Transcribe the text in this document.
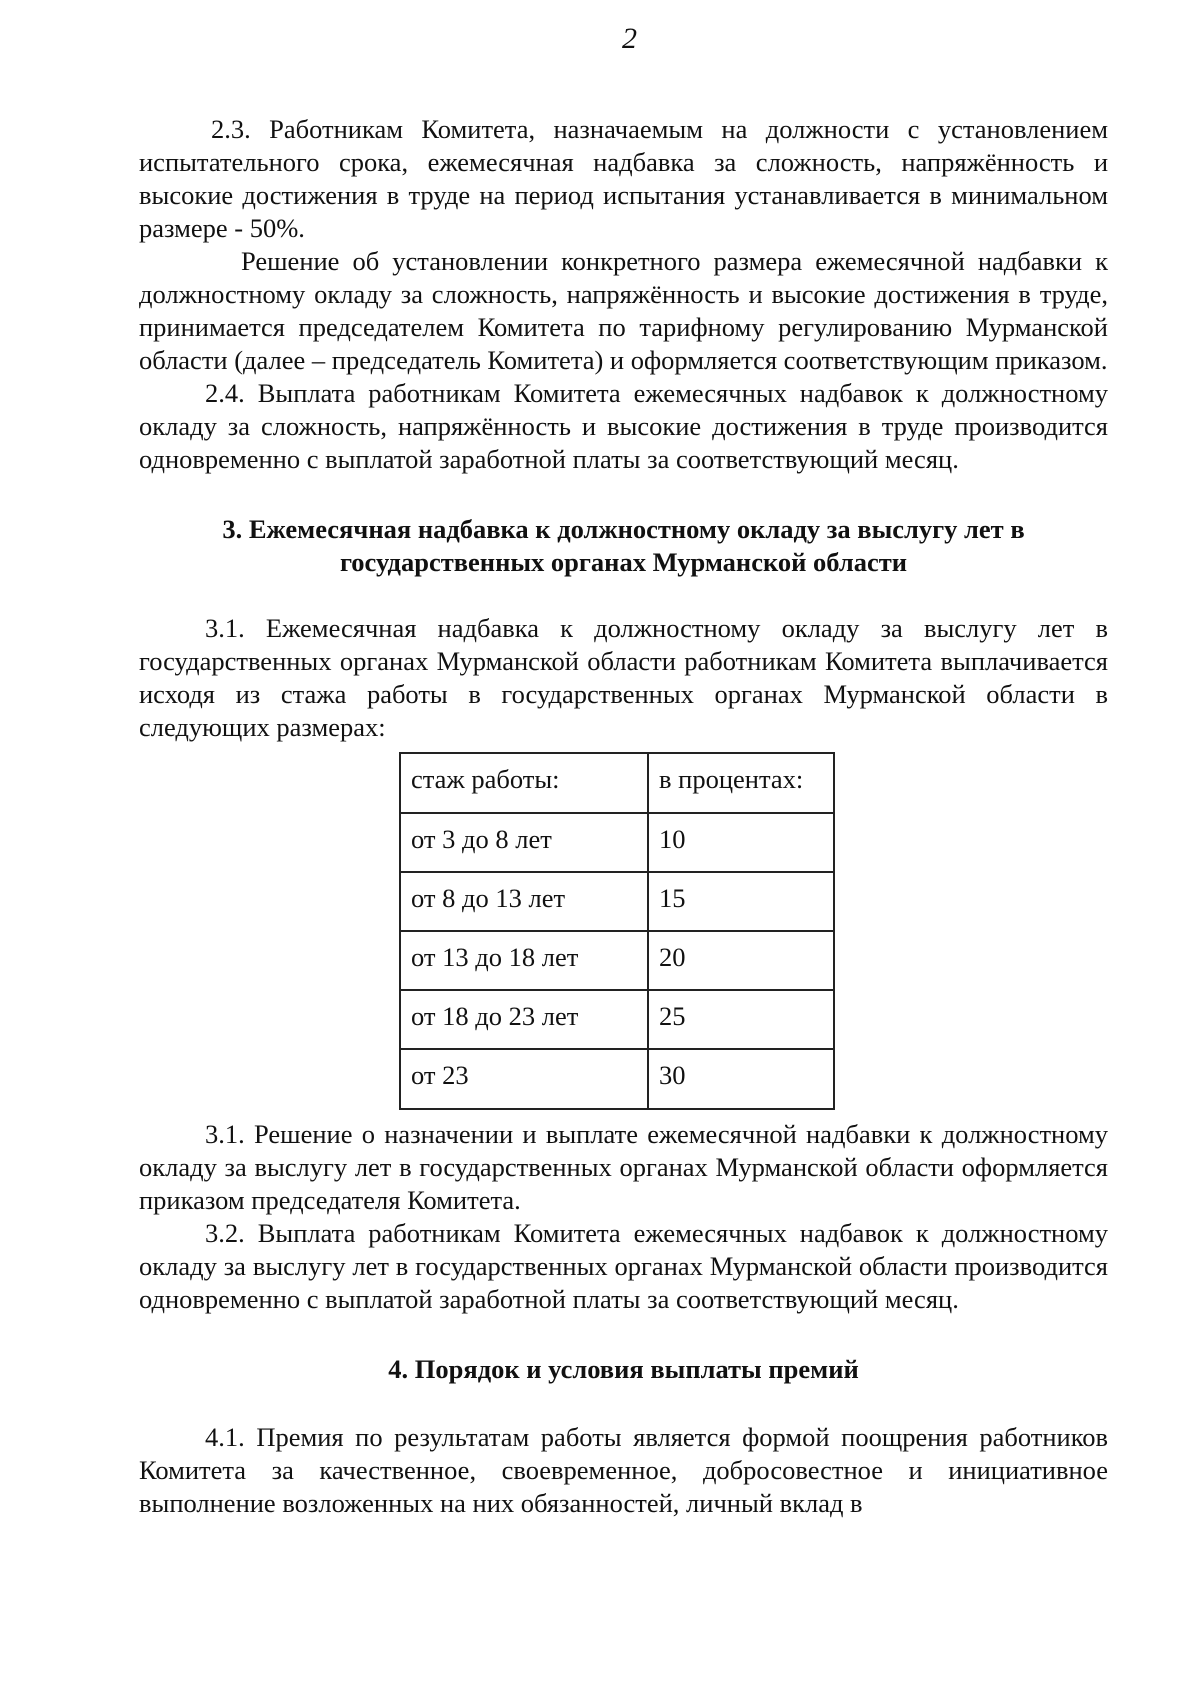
2

2.3. Работникам Комитета, назначаемым на должности с установлением испытательного срока, ежемесячная надбавка за сложность, напряжённость и высокие достижения в труде на период испытания устанавливается в минимальном размере - 50%.

Решение об установлении конкретного размера ежемесячной надбавки к должностному окладу за сложность, напряжённость и высокие достижения в труде, принимается председателем Комитета по тарифному регулированию Мурманской области (далее – председатель Комитета) и оформляется соответствующим приказом.

2.4. Выплата работникам Комитета ежемесячных надбавок к должностному окладу за сложность, напряжённость и высокие достижения в труде производится одновременно с выплатой заработной платы за соответствующий месяц.

3. Ежемесячная надбавка к должностному окладу за выслугу лет в
государственных органах Мурманской области

3.1. Ежемесячная надбавка к должностному окладу за выслугу лет в государственных органах Мурманской области работникам Комитета выплачивается исходя из стажа работы в государственных органах Мурманской области в следующих размерах:

стаж работы:	в процентах:
от 3 до 8 лет	10
от 8 до 13 лет	15
от 13 до 18 лет	20
от 18 до 23 лет	25
от 23	30

3.1. Решение о назначении и выплате ежемесячной надбавки к должностному окладу за выслугу лет в государственных органах Мурманской области оформляется приказом председателя Комитета.

3.2. Выплата работникам Комитета ежемесячных надбавок к должностному окладу за выслугу лет в государственных органах Мурманской области производится одновременно с выплатой заработной платы за соответствующий месяц.

4. Порядок и условия выплаты премий

4.1. Премия по результатам работы является формой поощрения работников Комитета за качественное, своевременное, добросовестное и инициативное выполнение возложенных на них обязанностей, личный вклад в
